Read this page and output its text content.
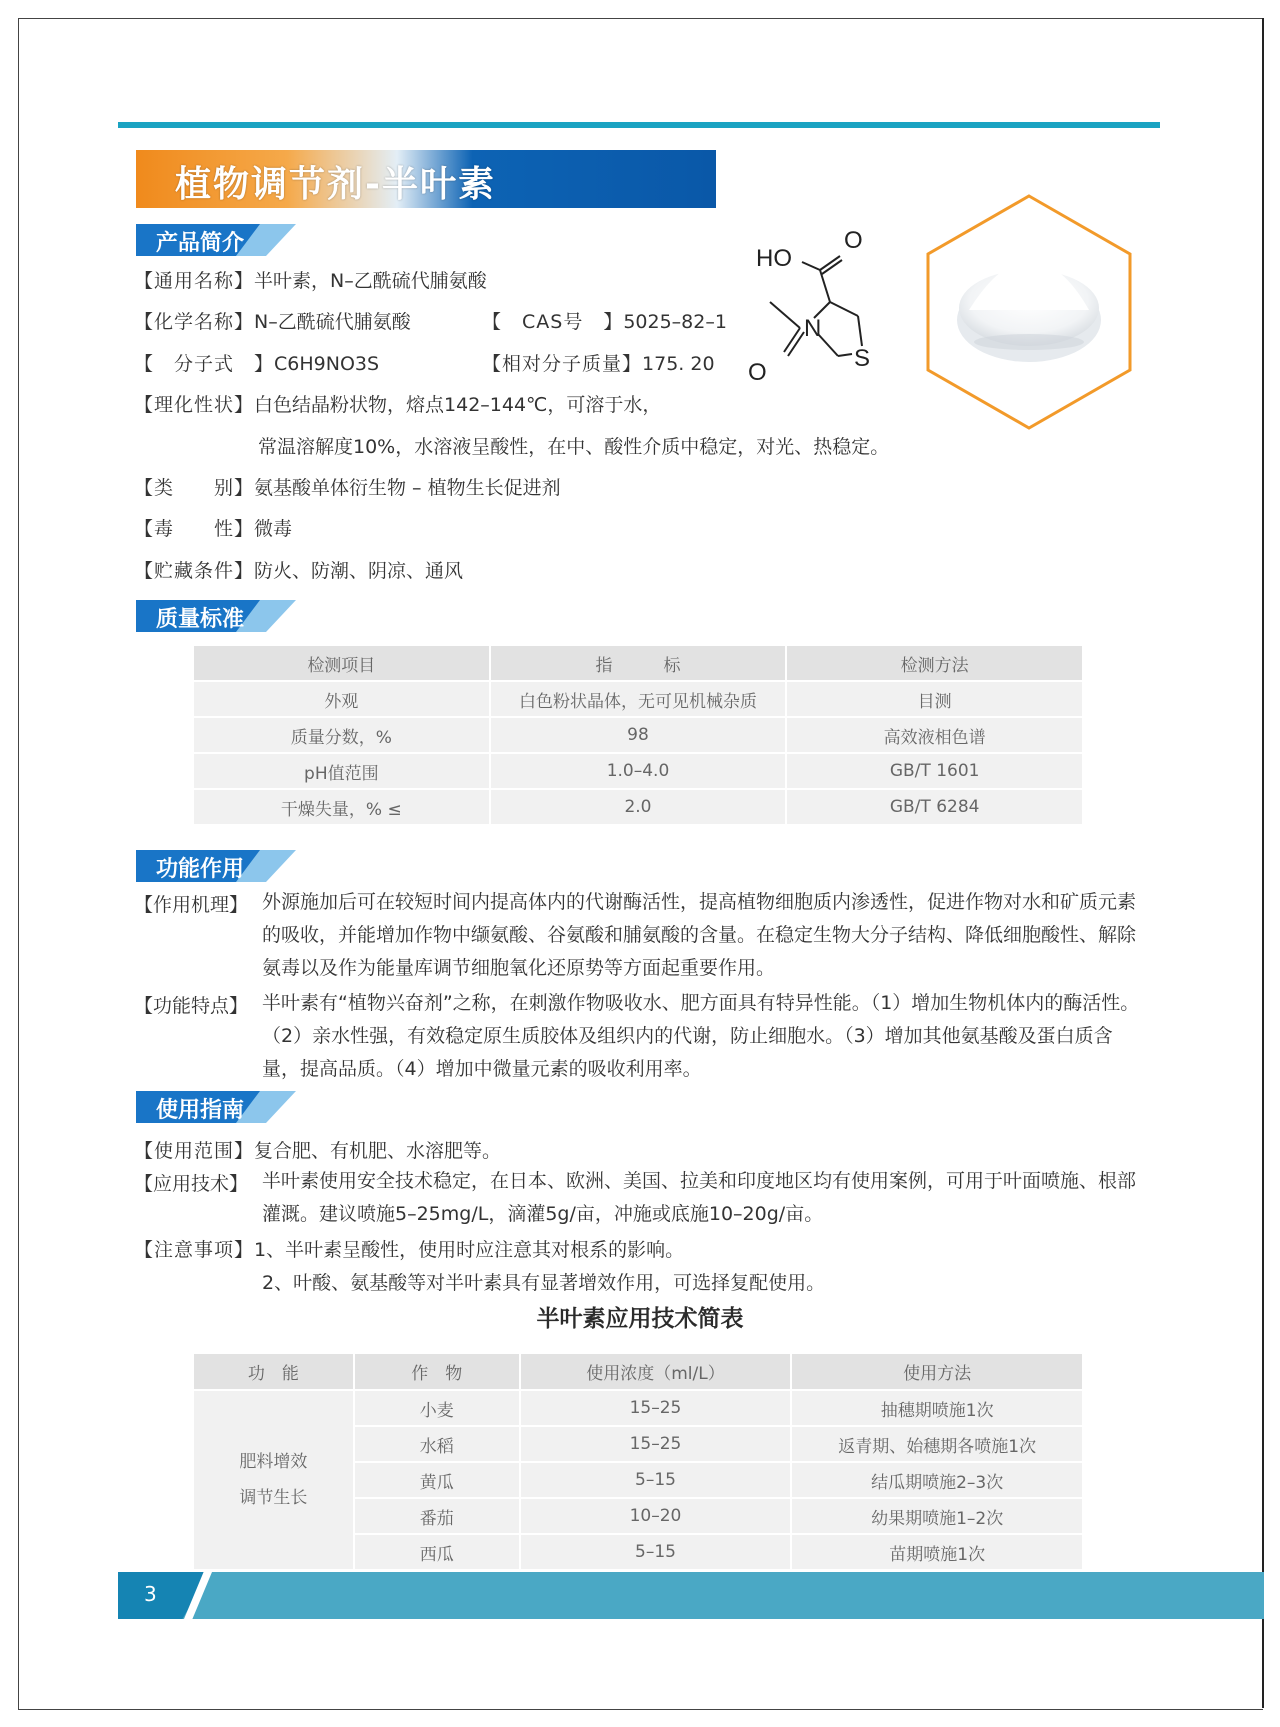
植物调节剂-半叶素
产品简介
【通用名称】半叶素，N–乙酰硫代脯氨酸
【化学名称】N–乙酰硫代脯氨酸	【　CAS号　】5025–82–1
【　分子式　】C6H9NO3S	【相对分子质量】175. 20
【理化性状】白色结晶粉状物，熔点142–144℃，可溶于水，
常温溶解度10%，水溶液呈酸性，在中、酸性介质中稳定，对光、热稳定。
【类　　别】氨基酸单体衍生物 – 植物生长促进剂
【毒　　性】微毒
【贮藏条件】防火、防潮、阴凉、通风
HO
O
N
S
O
质量标准
检测项目	指　　　标	检测方法
外观	白色粉状晶体，无可见机械杂质	目测
质量分数，%	98	高效液相色谱
pH值范围	1.0–4.0	GB/T 1601
干燥失量，% ≤	2.0	GB/T 6284
功能作用
【作用机理】 外源施加后可在较短时间内提高体内的代谢酶活性，提高植物细胞质内渗透性，促进作物对水和矿质元素的吸收，并能增加作物中缬氨酸、谷氨酸和脯氨酸的含量。在稳定生物大分子结构、降低细胞酸性、解除氨毒以及作为能量库调节细胞氧化还原势等方面起重要作用。
【功能特点】 半叶素有“植物兴奋剂”之称，在刺激作物吸收水、肥方面具有特异性能。（1）增加生物机体内的酶活性。（2）亲水性强，有效稳定原生质胶体及组织内的代谢，防止细胞水。（3）增加其他氨基酸及蛋白质含量，提高品质。（4）增加中微量元素的吸收利用率。
使用指南
【使用范围】复合肥、有机肥、水溶肥等。
【应用技术】 半叶素使用安全技术稳定，在日本、欧洲、美国、拉美和印度地区均有使用案例，可用于叶面喷施、根部灌溉。建议喷施5–25mg/L，滴灌5g/亩，冲施或底施10–20g/亩。
【注意事项】1、半叶素呈酸性，使用时应注意其对根系的影响。
2、叶酸、氨基酸等对半叶素具有显著增效作用，可选择复配使用。
半叶素应用技术简表
功　能	作　物	使用浓度（ml/L）	使用方法

肥料增效
调节生长	小麦	15–25	抽穗期喷施1次
	水稻	15–25	返青期、始穗期各喷施1次
	黄瓜	5–15	结瓜期喷施2–3次
	番茄	10–20	幼果期喷施1–2次
	西瓜	5–15	苗期喷施1次
3
